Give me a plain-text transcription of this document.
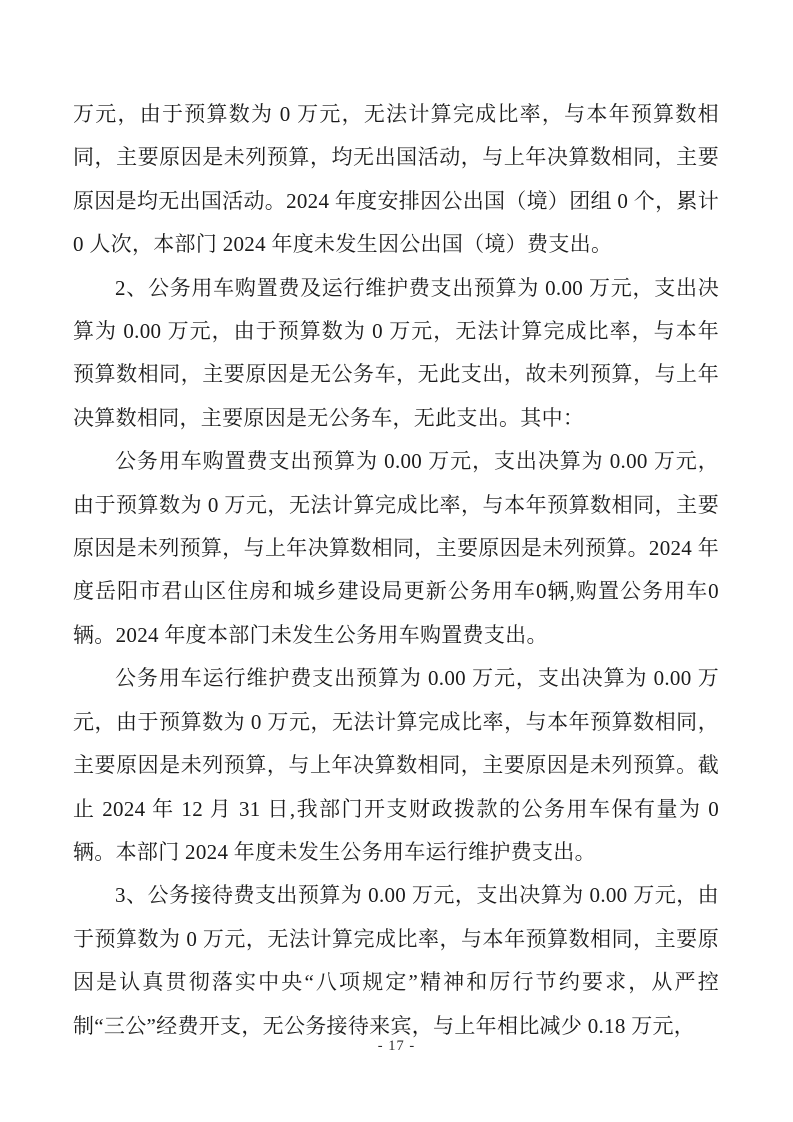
万元，由于预算数为 0 万元，无法计算完成比率，与本年预算数相同，主要原因是未列预算，均无出国活动，与上年决算数相同，主要原因是均无出国活动。2024 年度安排因公出国（境）团组 0 个，累计 0 人次，本部门 2024 年度未发生因公出国（境）费支出。

2、公务用车购置费及运行维护费支出预算为 0.00 万元，支出决算为 0.00 万元，由于预算数为 0 万元，无法计算完成比率，与本年预算数相同，主要原因是无公务车，无此支出，故未列预算，与上年决算数相同，主要原因是无公务车，无此支出。其中：

公务用车购置费支出预算为 0.00 万元，支出决算为 0.00 万元，由于预算数为 0 万元，无法计算完成比率，与本年预算数相同，主要原因是未列预算，与上年决算数相同，主要原因是未列预算。2024 年度岳阳市君山区住房和城乡建设局更新公务用车0辆,购置公务用车0辆。2024 年度本部门未发生公务用车购置费支出。

公务用车运行维护费支出预算为 0.00 万元，支出决算为 0.00 万元，由于预算数为 0 万元，无法计算完成比率，与本年预算数相同，主要原因是未列预算，与上年决算数相同，主要原因是未列预算。截止 2024 年 12 月 31 日,我部门开支财政拨款的公务用车保有量为 0 辆。本部门 2024 年度未发生公务用车运行维护费支出。

3、公务接待费支出预算为 0.00 万元，支出决算为 0.00 万元，由于预算数为 0 万元，无法计算完成比率，与本年预算数相同，主要原因是认真贯彻落实中央“八项规定”精神和厉行节约要求，从严控制“三公”经费开支，无公务接待来宾，与上年相比减少 0.18 万元，

- 17 -
